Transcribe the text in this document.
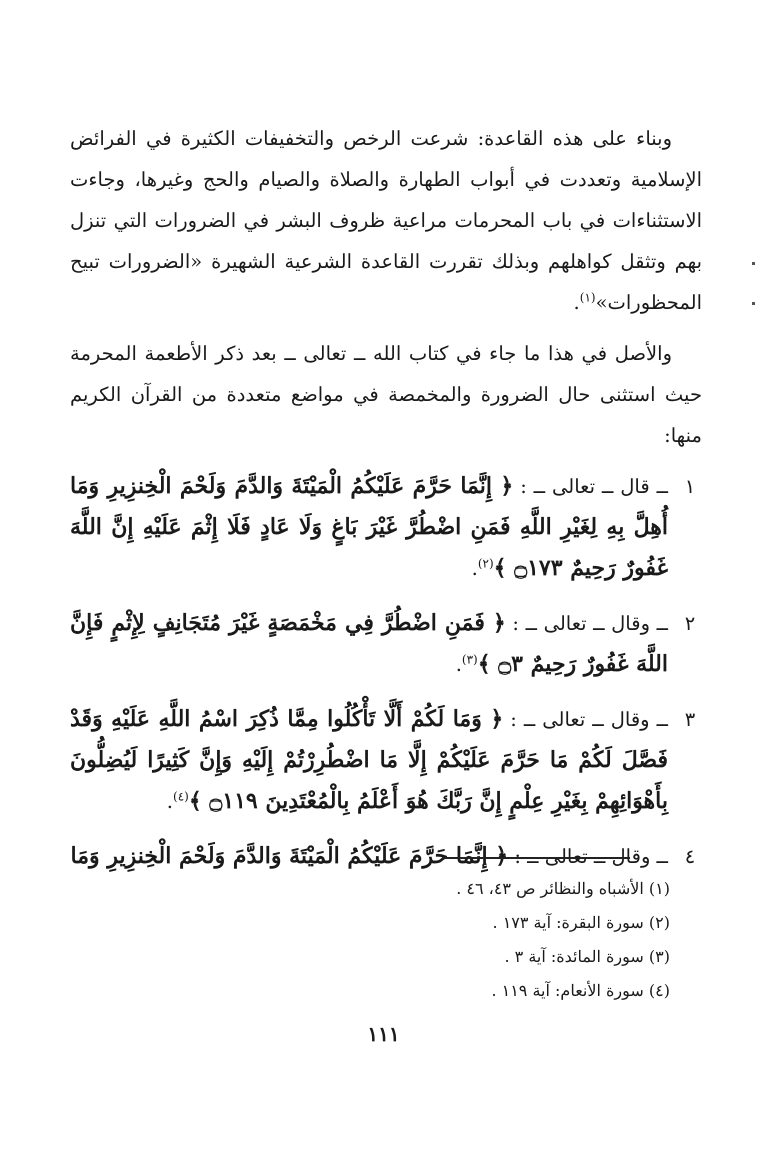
وبناء على هذه القاعدة: شرعت الرخص والتخفيفات الكثيرة في الفرائض الإسلامية وتعددت في أبواب الطهارة والصلاة والصيام والحج وغيرها، وجاءت الاستثناءات في باب المحرمات مراعية ظروف البشر في الضرورات التي تنزل بهم وتثقل كواهلهم وبذلك تقررت القاعدة الشرعية الشهيرة «الضرورات تبيح المحظورات»$^{(١)}$.

والأصل في هذا ما جاء في كتاب الله ــ تعالى ــ بعد ذكر الأطعمة المحرمة حيث استثنى حال الضرورة والمخمصة في مواضع متعددة من القرآن الكريم منها:

١
ــ قال ــ تعالى ــ : ﴿ إِنَّمَا حَرَّمَ عَلَيْكُمُ الْمَيْتَةَ وَالدَّمَ وَلَحْمَ الْخِنزِيرِ وَمَا أُهِلَّ بِهِ لِغَيْرِ اللَّهِ فَمَنِ اضْطُرَّ غَيْرَ بَاغٍ وَلَا عَادٍ فَلَا إِثْمَ عَلَيْهِ إِنَّ اللَّهَ غَفُورٌ رَحِيمٌ ۝١٧٣ ﴾$^{(٢)}$.
٢
ــ وقال ــ تعالى ــ : ﴿ فَمَنِ اضْطُرَّ فِي مَخْمَصَةٍ غَيْرَ مُتَجَانِفٍ لِإِثْمٍ فَإِنَّ اللَّهَ غَفُورٌ رَحِيمٌ ۝٣ ﴾$^{(٣)}$.
٣
ــ وقال ــ تعالى ــ : ﴿ وَمَا لَكُمْ أَلَّا تَأْكُلُوا مِمَّا ذُكِرَ اسْمُ اللَّهِ عَلَيْهِ وَقَدْ فَصَّلَ لَكُمْ مَا حَرَّمَ عَلَيْكُمْ إِلَّا مَا اضْطُرِرْتُمْ إِلَيْهِ وَإِنَّ كَثِيرًا لَيُضِلُّونَ بِأَهْوَائِهِمْ بِغَيْرِ عِلْمٍ إِنَّ رَبَّكَ هُوَ أَعْلَمُ بِالْمُعْتَدِينَ ۝١١٩ ﴾$^{(٤)}$.
٤
ــ وقال ــ تعالى ــ : ﴿ إِنَّمَا حَرَّمَ عَلَيْكُمُ الْمَيْتَةَ وَالدَّمَ وَلَحْمَ الْخِنزِيرِ وَمَا
(١) الأشباه والنظائر ص ٤٣، ٤٦ .
(٢) سورة البقرة: آية ١٧٣ .
(٣) سورة المائدة: آية ٣ .
(٤) سورة الأنعام: آية ١١٩ .
١١١
